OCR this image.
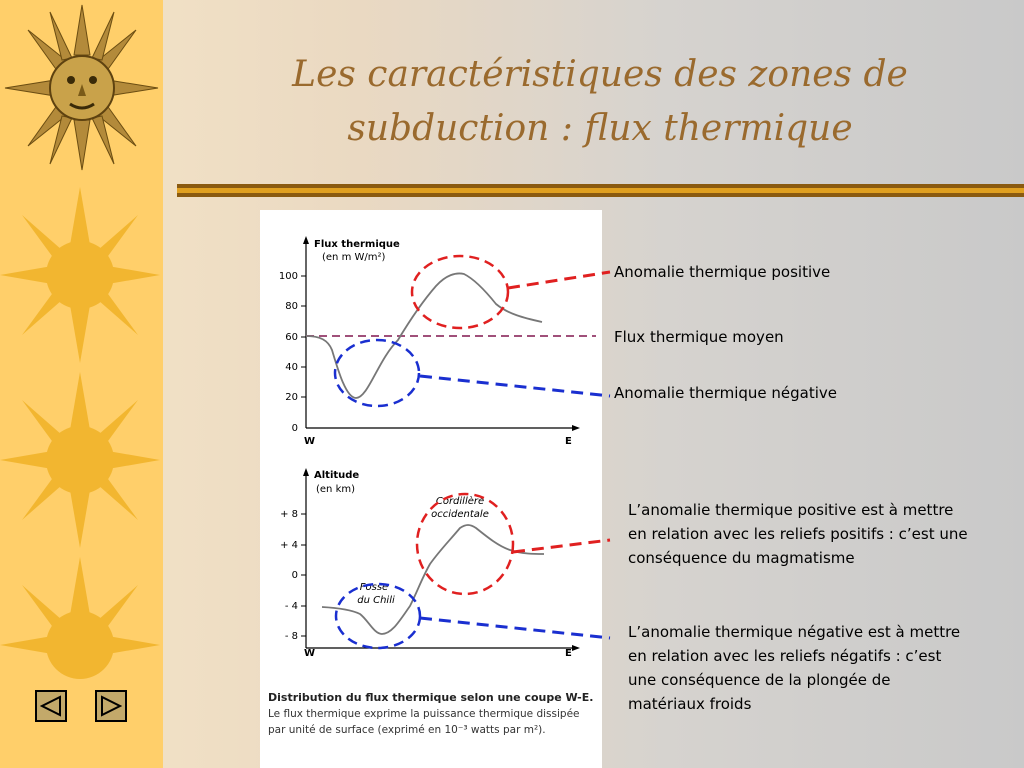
Les caractéristiques des zones de
subduction : flux thermique
Flux thermique
(en m W/m²)
100
80
60
40
20
0
W	E
Altitude
(en km)
+ 8
+ 4
0
- 4
- 8
W	E
Cordillère
occidentale
Fosse
du Chili
Distribution du flux thermique selon une coupe W-E.
Le flux thermique exprime la puissance thermique dissipée par unité de surface (exprimé en 10⁻³ watts par m²).
Anomalie thermique positive
Flux thermique moyen
Anomalie thermique négative
L’anomalie thermique positive est à mettre en relation avec les reliefs positifs : c’est une conséquence du magmatisme
L’anomalie thermique négative est à mettre en relation avec les reliefs négatifs : c’est une conséquence de la plongée de matériaux froids
